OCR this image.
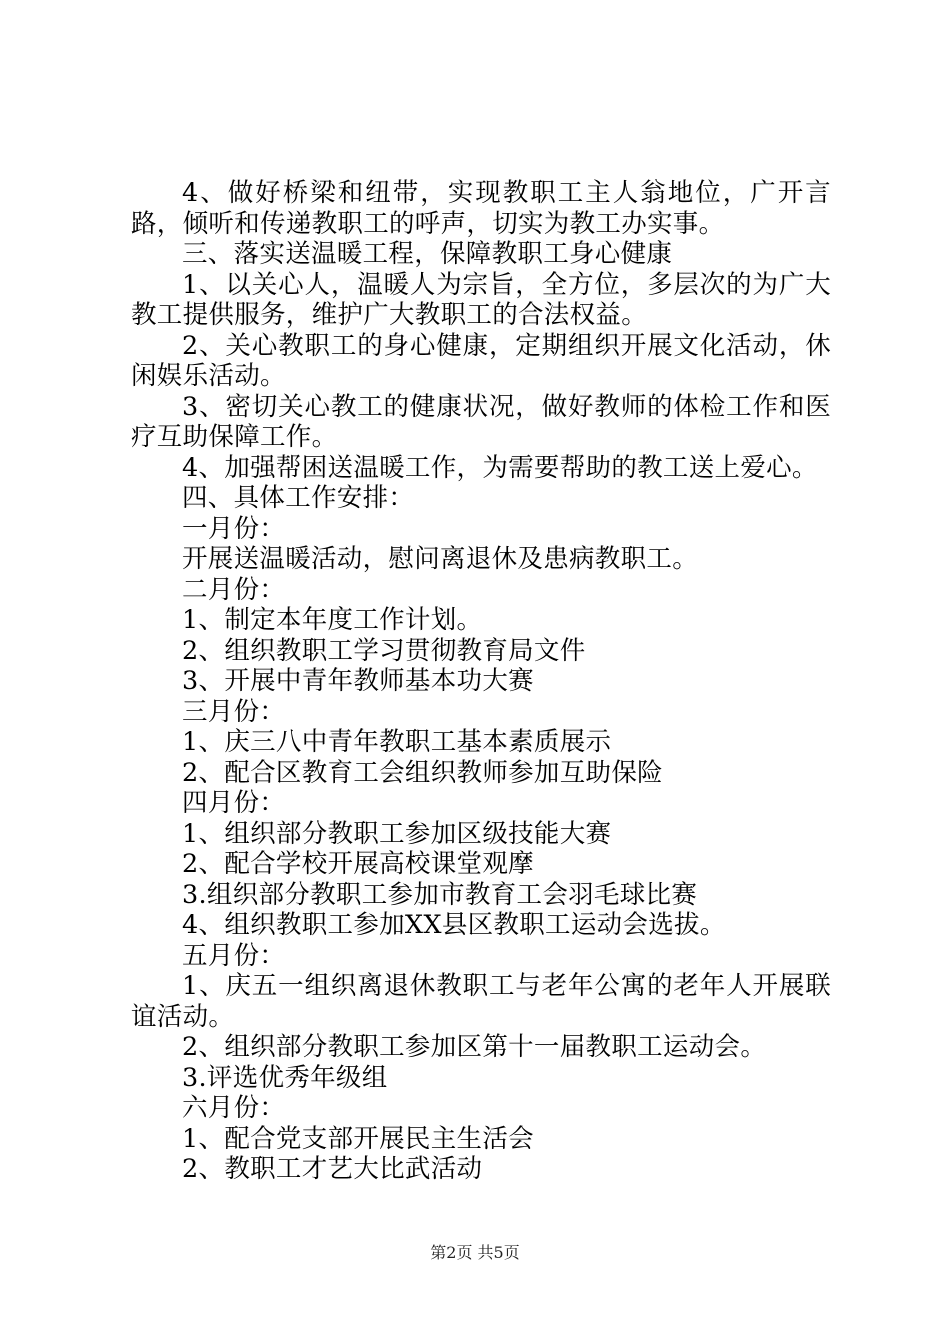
4、做好桥梁和纽带，实现教职工主人翁地位，广开言路，倾听和传递教职工的呼声，切实为教工办实事。

三、落实送温暖工程，保障教职工身心健康

1、以关心人，温暖人为宗旨，全方位，多层次的为广大教工提供服务，维护广大教职工的合法权益。

2、关心教职工的身心健康，定期组织开展文化活动，休闲娱乐活动。

3、密切关心教工的健康状况，做好教师的体检工作和医疗互助保障工作。

4、加强帮困送温暖工作，为需要帮助的教工送上爱心。

四、具体工作安排：

一月份：

开展送温暖活动，慰问离退休及患病教职工。

二月份：

1、制定本年度工作计划。

2、组织教职工学习贯彻教育局文件

3、开展中青年教师基本功大赛

三月份：

1、庆三八中青年教职工基本素质展示

2、配合区教育工会组织教师参加互助保险

四月份：

1、组织部分教职工参加区级技能大赛

2、配合学校开展高校课堂观摩

3.组织部分教职工参加市教育工会羽毛球比赛

4、组织教职工参加XX县区教职工运动会选拔。

五月份：

1、庆五一组织离退休教职工与老年公寓的老年人开展联谊活动。

2、组织部分教职工参加区第十一届教职工运动会。

3.评选优秀年级组

六月份：

1、配合党支部开展民主生活会

2、教职工才艺大比武活动

第2页 共5页
